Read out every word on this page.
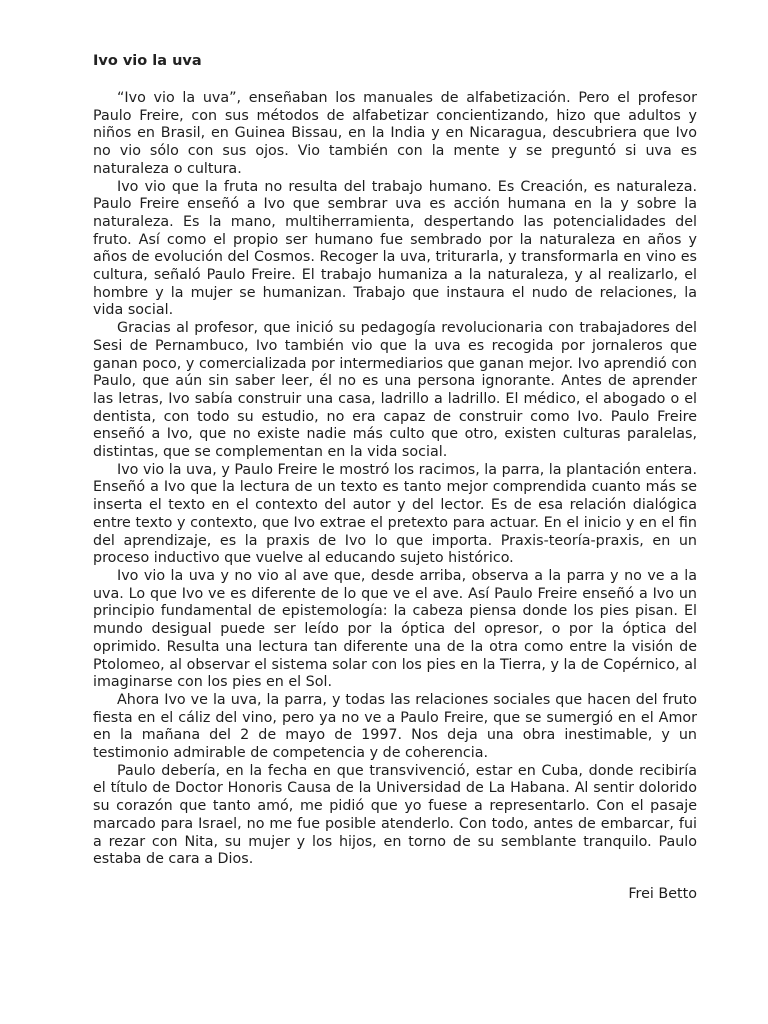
Ivo vio la uva

“Ivo vio la uva”, enseñaban los manuales de alfabetización. Pero el profesor Paulo Freire, con sus métodos de alfabetizar concientizando, hizo que adultos y niños en Brasil, en Guinea Bissau, en la India y en Nicaragua, descubriera que Ivo no vio sólo con sus ojos. Vio también con la mente y se preguntó si uva es naturaleza o cultura.

Ivo vio que la fruta no resulta del trabajo humano. Es Creación, es naturaleza. Paulo Freire enseñó a Ivo que sembrar uva es acción humana en la y sobre la naturaleza. Es la mano, multiherramienta, despertando las potencialidades del fruto. Así como el propio ser humano fue sembrado por la naturaleza en años y años de evolución del Cosmos. Recoger la uva, triturarla, y transformarla en vino es cultura, señaló Paulo Freire. El trabajo humaniza a la naturaleza, y al realizarlo, el hombre y la mujer se humanizan. Trabajo que instaura el nudo de relaciones, la vida social.

Gracias al profesor, que inició su pedagogía revolucionaria con trabajadores del Sesi de Pernambuco, Ivo también vio que la uva es recogida por jornaleros que ganan poco, y comercializada por intermediarios que ganan mejor. Ivo aprendió con Paulo, que aún sin saber leer, él no es una persona ignorante. Antes de aprender las letras, Ivo sabía construir una casa, ladrillo a ladrillo. El médico, el abogado o el dentista, con todo su estudio, no era capaz de construir como Ivo. Paulo Freire enseñó a Ivo, que no existe nadie más culto que otro, existen culturas paralelas, distintas, que se complementan en la vida social.

Ivo vio la uva, y Paulo Freire le mostró los racimos, la parra, la plantación entera. Enseñó a Ivo que la lectura de un texto es tanto mejor comprendida cuanto más se inserta el texto en el contexto del autor y del lector. Es de esa relación dialógica entre texto y contexto, que Ivo extrae el pretexto para actuar. En el inicio y en el fin del aprendizaje, es la praxis de Ivo lo que importa. Praxis-teoría-praxis, en un proceso inductivo que vuelve al educando sujeto histórico.

Ivo vio la uva y no vio al ave que, desde arriba, observa a la parra y no ve a la uva. Lo que Ivo ve es diferente de lo que ve el ave. Así Paulo Freire enseñó a Ivo un principio fundamental de epistemología: la cabeza piensa donde los pies pisan. El mundo desigual puede ser leído por la óptica del opresor, o por la óptica del oprimido. Resulta una lectura tan diferente una de la otra como entre la visión de Ptolomeo, al observar el sistema solar con los pies en la Tierra, y la de Copérnico, al imaginarse con los pies en el Sol.

Ahora Ivo ve la uva, la parra, y todas las relaciones sociales que hacen del fruto fiesta en el cáliz del vino, pero ya no ve a Paulo Freire, que se sumergió en el Amor en la mañana del 2 de mayo de 1997. Nos deja una obra inestimable, y un testimonio admirable de competencia y de coherencia.

Paulo debería, en la fecha en que transvivenció, estar en Cuba, donde recibiría el título de Doctor Honoris Causa de la Universidad de La Habana. Al sentir dolorido su corazón que tanto amó, me pidió que yo fuese a representarlo. Con el pasaje marcado para Israel, no me fue posible atenderlo. Con todo, antes de embarcar, fui a rezar con Nita, su mujer y los hijos, en torno de su semblante tranquilo. Paulo estaba de cara a Dios.

Frei Betto
